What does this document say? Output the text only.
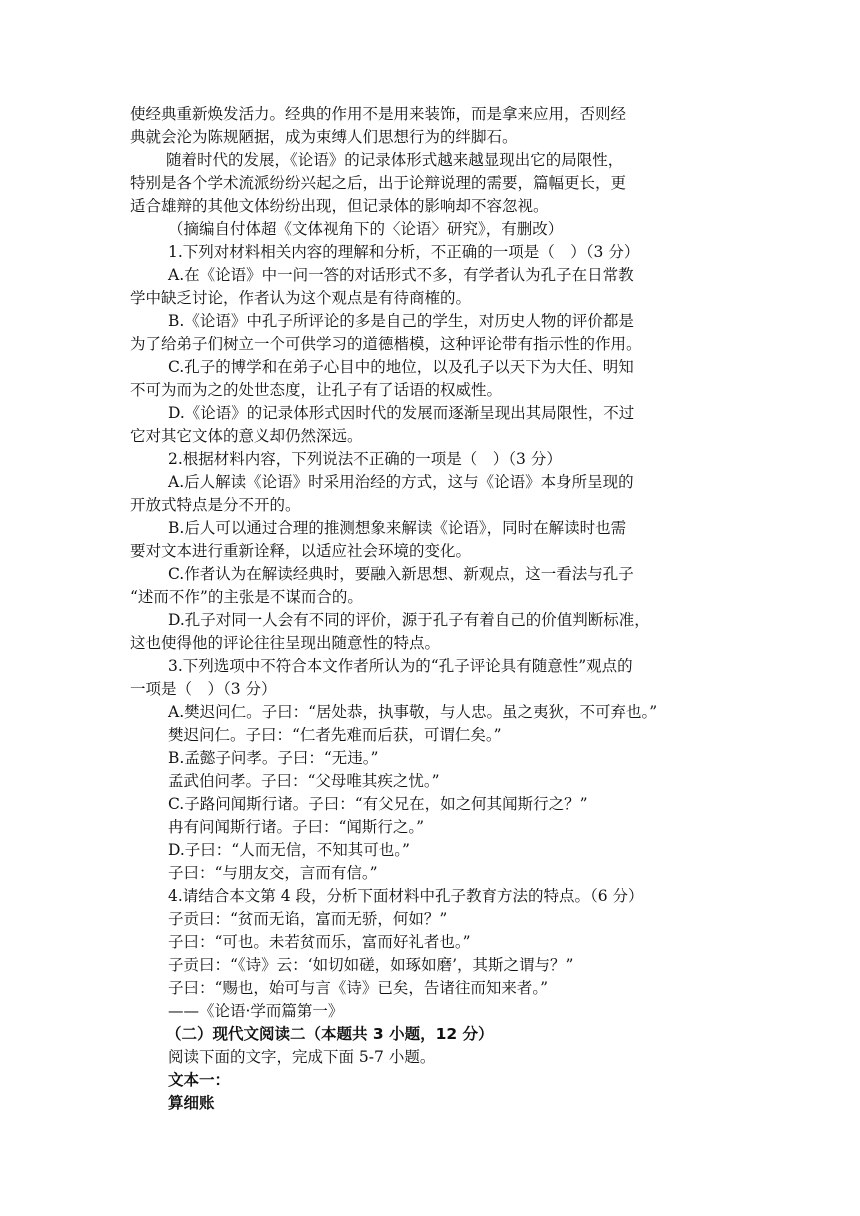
使经典重新焕发活力。经典的作用不是用来装饰，而是拿来应用，否则经
典就会沦为陈规陋据，成为束缚人们思想行为的绊脚石。
随着时代的发展，《论语》的记录体形式越来越显现出它的局限性，
特别是各个学术流派纷纷兴起之后，出于论辩说理的需要，篇幅更长，更
适合雄辩的其他文体纷纷出现，但记录体的影响却不容忽视。
（摘编自付体超《文体视角下的〈论语〉研究》，有删改）
1.下列对材料相关内容的理解和分析，不正确的一项是（　）（3 分）
A.在《论语》中一问一答的对话形式不多，有学者认为孔子在日常教
学中缺乏讨论，作者认为这个观点是有待商榷的。
B.《论语》中孔子所评论的多是自己的学生，对历史人物的评价都是
为了给弟子们树立一个可供学习的道德楷模，这种评论带有指示性的作用。
C.孔子的博学和在弟子心目中的地位，以及孔子以天下为大任、明知
不可为而为之的处世态度，让孔子有了话语的权威性。
D.《论语》的记录体形式因时代的发展而逐渐呈现出其局限性，不过
它对其它文体的意义却仍然深远。
2.根据材料内容，下列说法不正确的一项是（　）（3 分）
A.后人解读《论语》时采用治经的方式，这与《论语》本身所呈现的
开放式特点是分不开的。
B.后人可以通过合理的推测想象来解读《论语》，同时在解读时也需
要对文本进行重新诠释，以适应社会环境的变化。
C.作者认为在解读经典时，要融入新思想、新观点，这一看法与孔子
“述而不作”的主张是不谋而合的。
D.孔子对同一人会有不同的评价，源于孔子有着自己的价值判断标准，
这也使得他的评论往往呈现出随意性的特点。
3.下列选项中不符合本文作者所认为的“孔子评论具有随意性”观点的
一项是（　）（3 分）
A.樊迟问仁。子曰：“居处恭，执事敬，与人忠。虽之夷狄，不可弃也。”
樊迟问仁。子曰：“仁者先难而后获，可谓仁矣。”
B.孟懿子问孝。子曰：“无违。”
孟武伯问孝。子曰：“父母唯其疾之忧。”
C.子路问闻斯行诸。子曰：“有父兄在，如之何其闻斯行之？”
冉有问闻斯行诸。子曰：“闻斯行之。”
D.子曰：“人而无信，不知其可也。”
子曰：“与朋友交，言而有信。”
4.请结合本文第 4 段，分析下面材料中孔子教育方法的特点。（6 分）
子贡曰：“贫而无谄，富而无骄，何如？”
子曰：“可也。未若贫而乐，富而好礼者也。”
子贡曰：“《诗》云：‘如切如磋，如琢如磨’，其斯之谓与？”
子曰：“赐也，始可与言《诗》已矣，告诸往而知来者。”
——《论语·学而篇第一》
（二）现代文阅读二（本题共 3 小题，12 分）
阅读下面的文字，完成下面 5-7 小题。
文本一：
算细账
